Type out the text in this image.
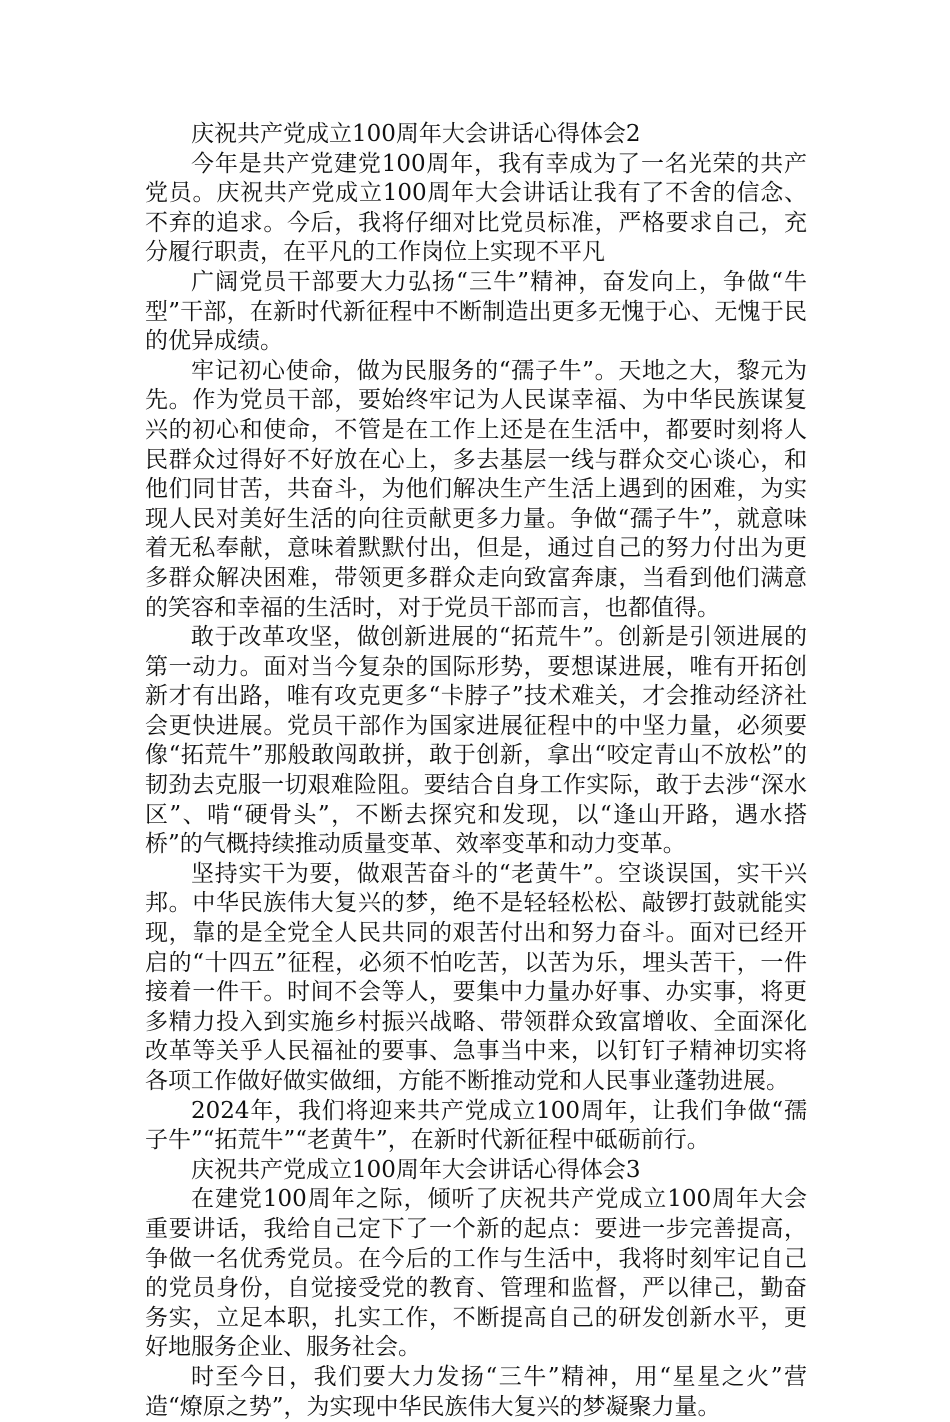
庆祝共产党成立100周年大会讲话心得体会2

今年是共产党建党100周年，我有幸成为了一名光荣的共产党员。庆祝共产党成立100周年大会讲话让我有了不舍的信念、不弃的追求。今后，我将仔细对比党员标准，严格要求自己，充分履行职责，在平凡的工作岗位上实现不平凡

广阔党员干部要大力弘扬“三牛”精神，奋发向上，争做“牛型”干部，在新时代新征程中不断制造出更多无愧于心、无愧于民的优异成绩。

牢记初心使命，做为民服务的“孺子牛”。天地之大，黎元为先。作为党员干部，要始终牢记为人民谋幸福、为中华民族谋复兴的初心和使命，不管是在工作上还是在生活中，都要时刻将人民群众过得好不好放在心上，多去基层一线与群众交心谈心，和他们同甘苦，共奋斗，为他们解决生产生活上遇到的困难，为实现人民对美好生活的向往贡献更多力量。争做“孺子牛”，就意味着无私奉献，意味着默默付出，但是，通过自己的努力付出为更多群众解决困难，带领更多群众走向致富奔康，当看到他们满意的笑容和幸福的生活时，对于党员干部而言，也都值得。

敢于改革攻坚，做创新进展的“拓荒牛”。创新是引领进展的第一动力。面对当今复杂的国际形势，要想谋进展，唯有开拓创新才有出路，唯有攻克更多“卡脖子”技术难关，才会推动经济社会更快进展。党员干部作为国家进展征程中的中坚力量，必须要像“拓荒牛”那般敢闯敢拼，敢于创新，拿出“咬定青山不放松”的韧劲去克服一切艰难险阻。要结合自身工作实际，敢于去涉“深水区”、啃“硬骨头”，不断去探究和发现，以“逢山开路，遇水搭桥”的气概持续推动质量变革、效率变革和动力变革。

坚持实干为要，做艰苦奋斗的“老黄牛”。空谈误国，实干兴邦。中华民族伟大复兴的梦，绝不是轻轻松松、敲锣打鼓就能实现，靠的是全党全人民共同的艰苦付出和努力奋斗。面对已经开启的“十四五”征程，必须不怕吃苦，以苦为乐，埋头苦干，一件接着一件干。时间不会等人，要集中力量办好事、办实事，将更多精力投入到实施乡村振兴战略、带领群众致富增收、全面深化改革等关乎人民福祉的要事、急事当中来，以钉钉子精神切实将各项工作做好做实做细，方能不断推动党和人民事业蓬勃进展。

2024年，我们将迎来共产党成立100周年，让我们争做“孺子牛”“拓荒牛”“老黄牛”，在新时代新征程中砥砺前行。

庆祝共产党成立100周年大会讲话心得体会3

在建党100周年之际，倾听了庆祝共产党成立100周年大会重要讲话，我给自己定下了一个新的起点：要进一步完善提高，争做一名优秀党员。在今后的工作与生活中，我将时刻牢记自己的党员身份，自觉接受党的教育、管理和监督，严以律己，勤奋务实，立足本职，扎实工作，不断提高自己的研发创新水平，更好地服务企业、服务社会。

时至今日，我们要大力发扬“三牛”精神，用“星星之火”营造“燎原之势”，为实现中华民族伟大复兴的梦凝聚力量。
